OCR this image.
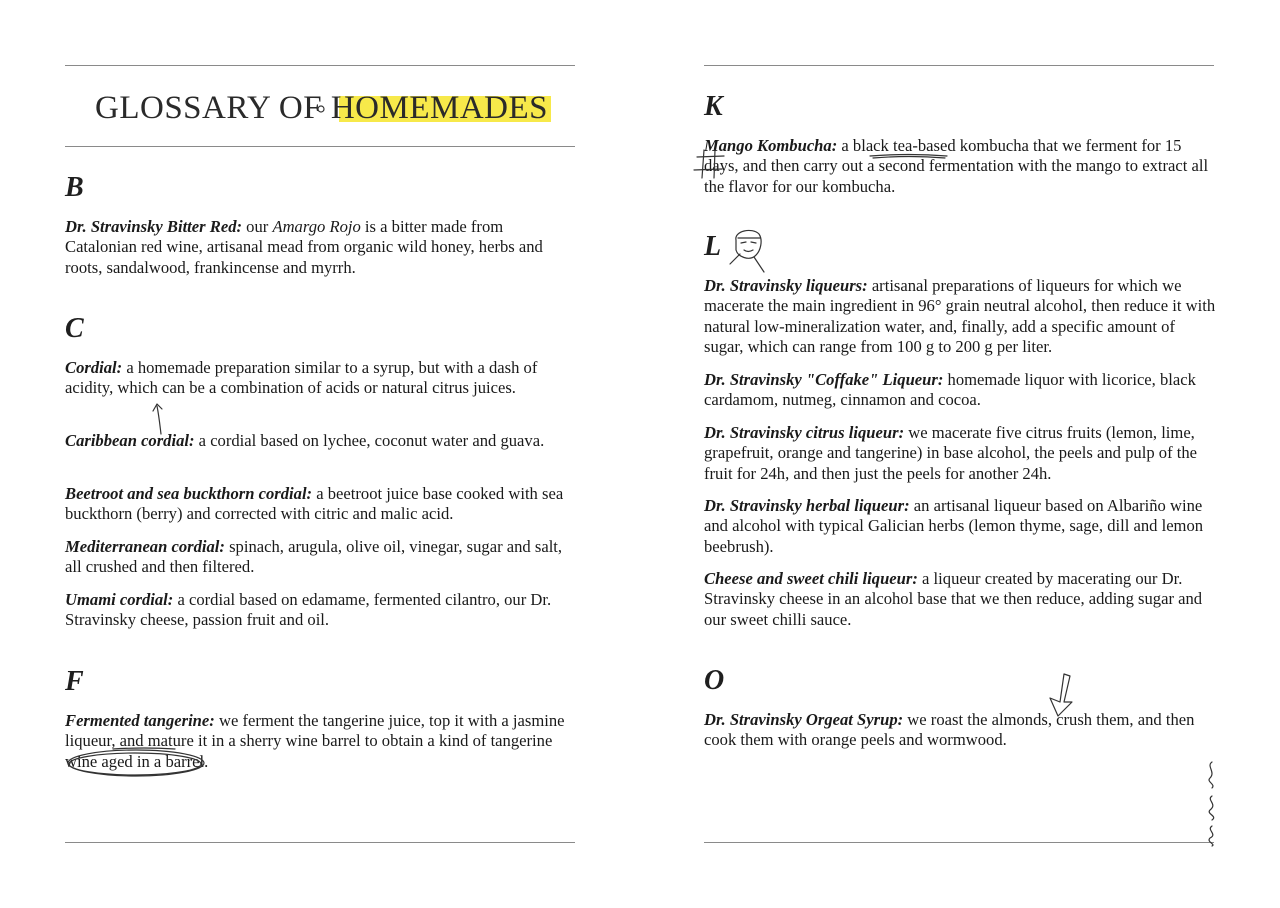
GLOSSARY OF HOMEMADES
B

Dr. Stravinsky Bitter Red: our Amargo Rojo is a bitter made from Catalonian red wine, artisanal mead from organic wild honey, herbs and roots, sandalwood, frankincense and myrrh.

C

Cordial: a homemade preparation similar to a syrup, but with a dash of acidity, which can be a combination of acids or natural citrus juices.

Caribbean cordial: a cordial based on lychee, coconut water and guava.

Beetroot and sea buckthorn cordial: a beetroot juice base cooked with sea buckthorn (berry) and corrected with citric and malic acid.

Mediterranean cordial: spinach, arugula, olive oil, vinegar, sugar and salt, all crushed and then filtered.

Umami cordial: a cordial based on edamame, fermented cilantro, our Dr. Stravinsky cheese, passion fruit and oil.

F

Fermented tangerine: we ferment the tangerine juice, top it with a jasmine liqueur, and mature it in a sherry wine barrel to obtain a kind of tangerine wine aged in a barrel.

K

Mango Kombucha: a black tea-based kombucha that we ferment for 15 days, and then carry out a second fermentation with the mango to extract all the flavor for our kombucha.

L

Dr. Stravinsky liqueurs: artisanal preparations of liqueurs for which we macerate the main ingredient in 96° grain neutral alcohol, then reduce it with natural low-mineralization water, and, finally, add a specific amount of sugar, which can range from 100 g to 200 g per liter.

Dr. Stravinsky "Coffake" Liqueur: homemade liquor with licorice, black cardamom, nutmeg, cinnamon and cocoa.

Dr. Stravinsky citrus liqueur: we macerate five citrus fruits (lemon, lime, grapefruit, orange and tangerine) in base alcohol, the peels and pulp of the fruit for 24h, and then just the peels for another 24h.

Dr. Stravinsky herbal liqueur: an artisanal liqueur based on Albariño wine and alcohol with typical Galician herbs (lemon thyme, sage, dill and lemon beebrush).

Cheese and sweet chili liqueur: a liqueur created by macerating our Dr. Stravinsky cheese in an alcohol base that we then reduce, adding sugar and our sweet chilli sauce.

O

Dr. Stravinsky Orgeat Syrup: we roast the almonds, crush them, and then cook them with orange peels and wormwood.
